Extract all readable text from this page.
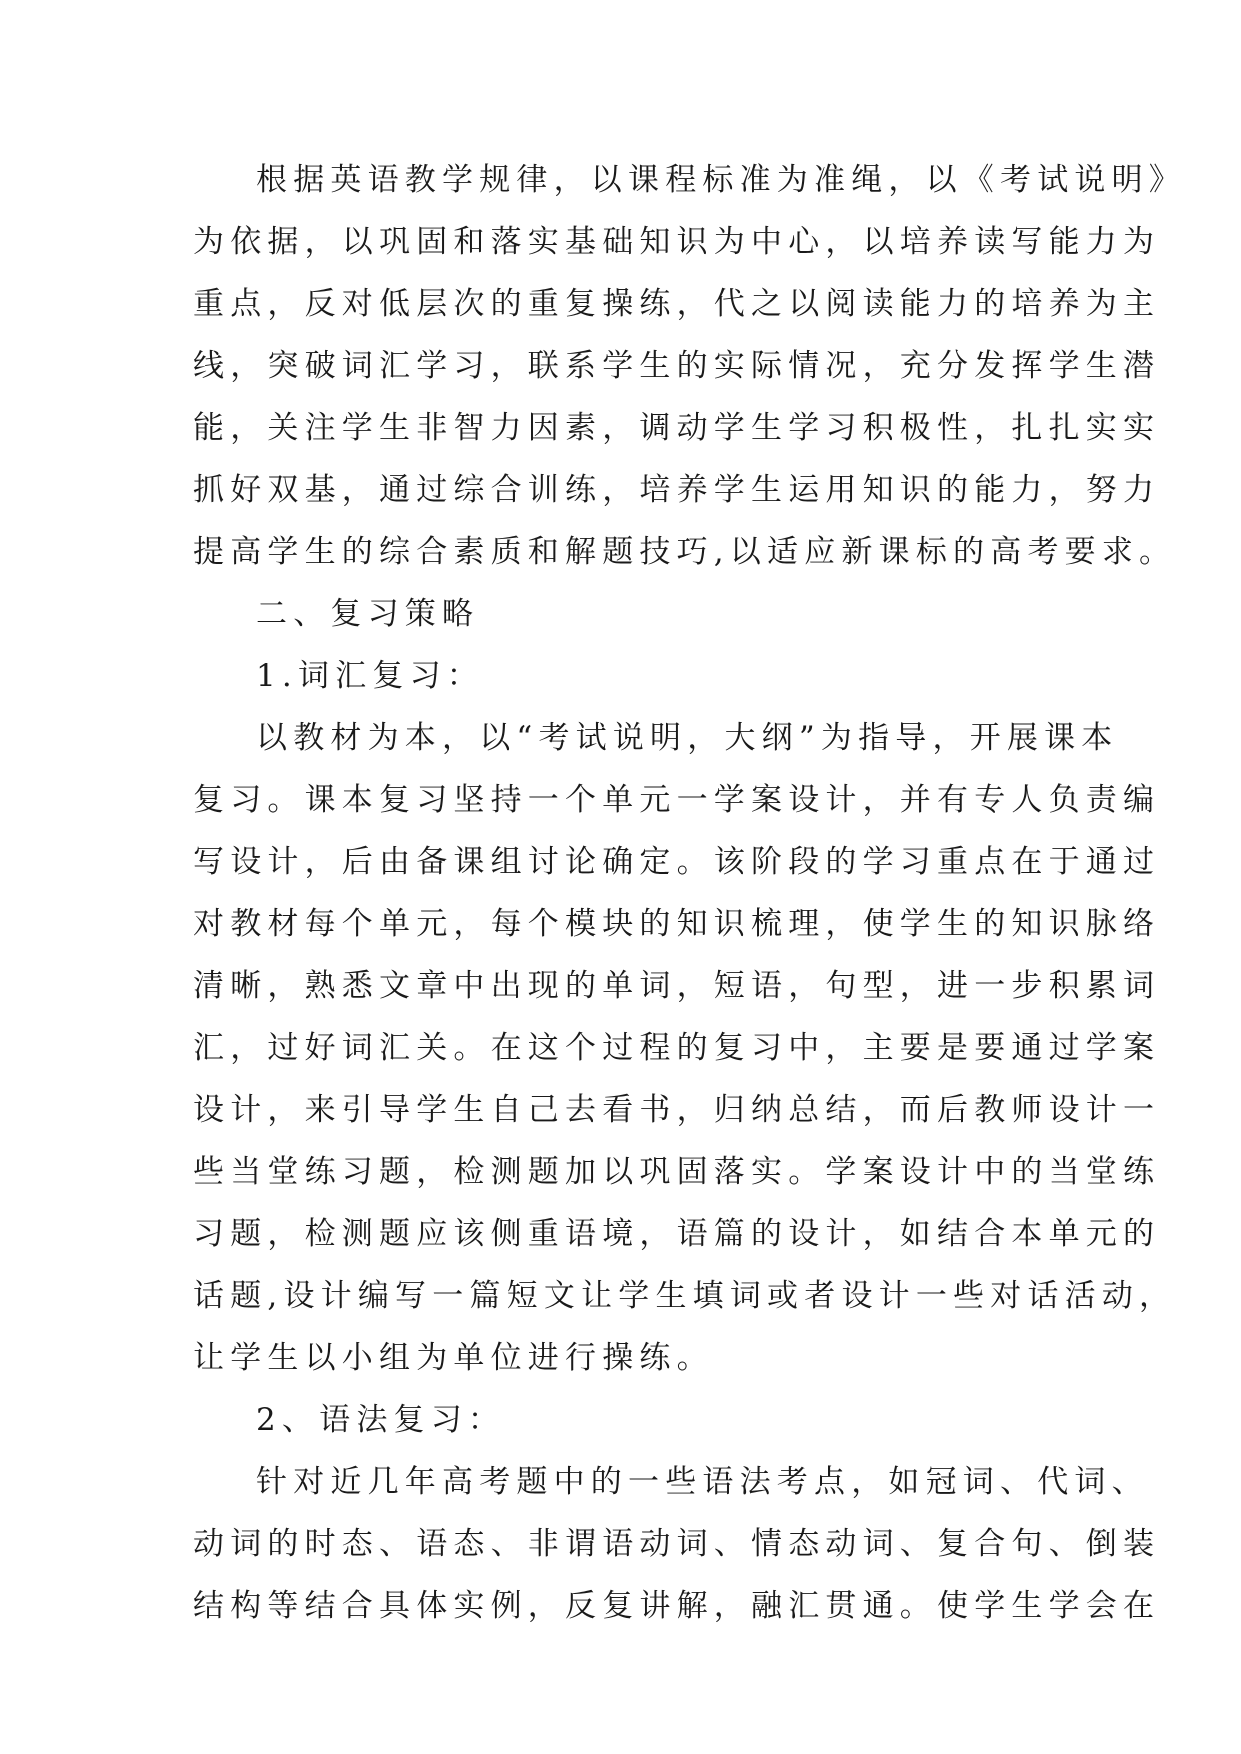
根据英语教学规律，以课程标准为准绳，以《考试说明》
为依据，以巩固和落实基础知识为中心，以培养读写能力为
重点，反对低层次的重复操练，代之以阅读能力的培养为主
线，突破词汇学习，联系学生的实际情况，充分发挥学生潜
能，关注学生非智力因素，调动学生学习积极性，扎扎实实
抓好双基，通过综合训练，培养学生运用知识的能力，努力
提高学生的综合素质和解题技巧,以适应新课标的高考要求。
二、复习策略
1.词汇复习：
以教材为本，以“考试说明，大纲”为指导，开展课本
复习。课本复习坚持一个单元一学案设计，并有专人负责编
写设计，后由备课组讨论确定。该阶段的学习重点在于通过
对教材每个单元，每个模块的知识梳理，使学生的知识脉络
清晰，熟悉文章中出现的单词，短语，句型，进一步积累词
汇，过好词汇关。在这个过程的复习中，主要是要通过学案
设计，来引导学生自己去看书，归纳总结，而后教师设计一
些当堂练习题，检测题加以巩固落实。学案设计中的当堂练
习题，检测题应该侧重语境，语篇的设计，如结合本单元的
话题,设计编写一篇短文让学生填词或者设计一些对话活动，
让学生以小组为单位进行操练。
2、语法复习：
针对近几年高考题中的一些语法考点，如冠词、代词、
动词的时态、语态、非谓语动词、情态动词、复合句、倒装
结构等结合具体实例，反复讲解，融汇贯通。使学生学会在
